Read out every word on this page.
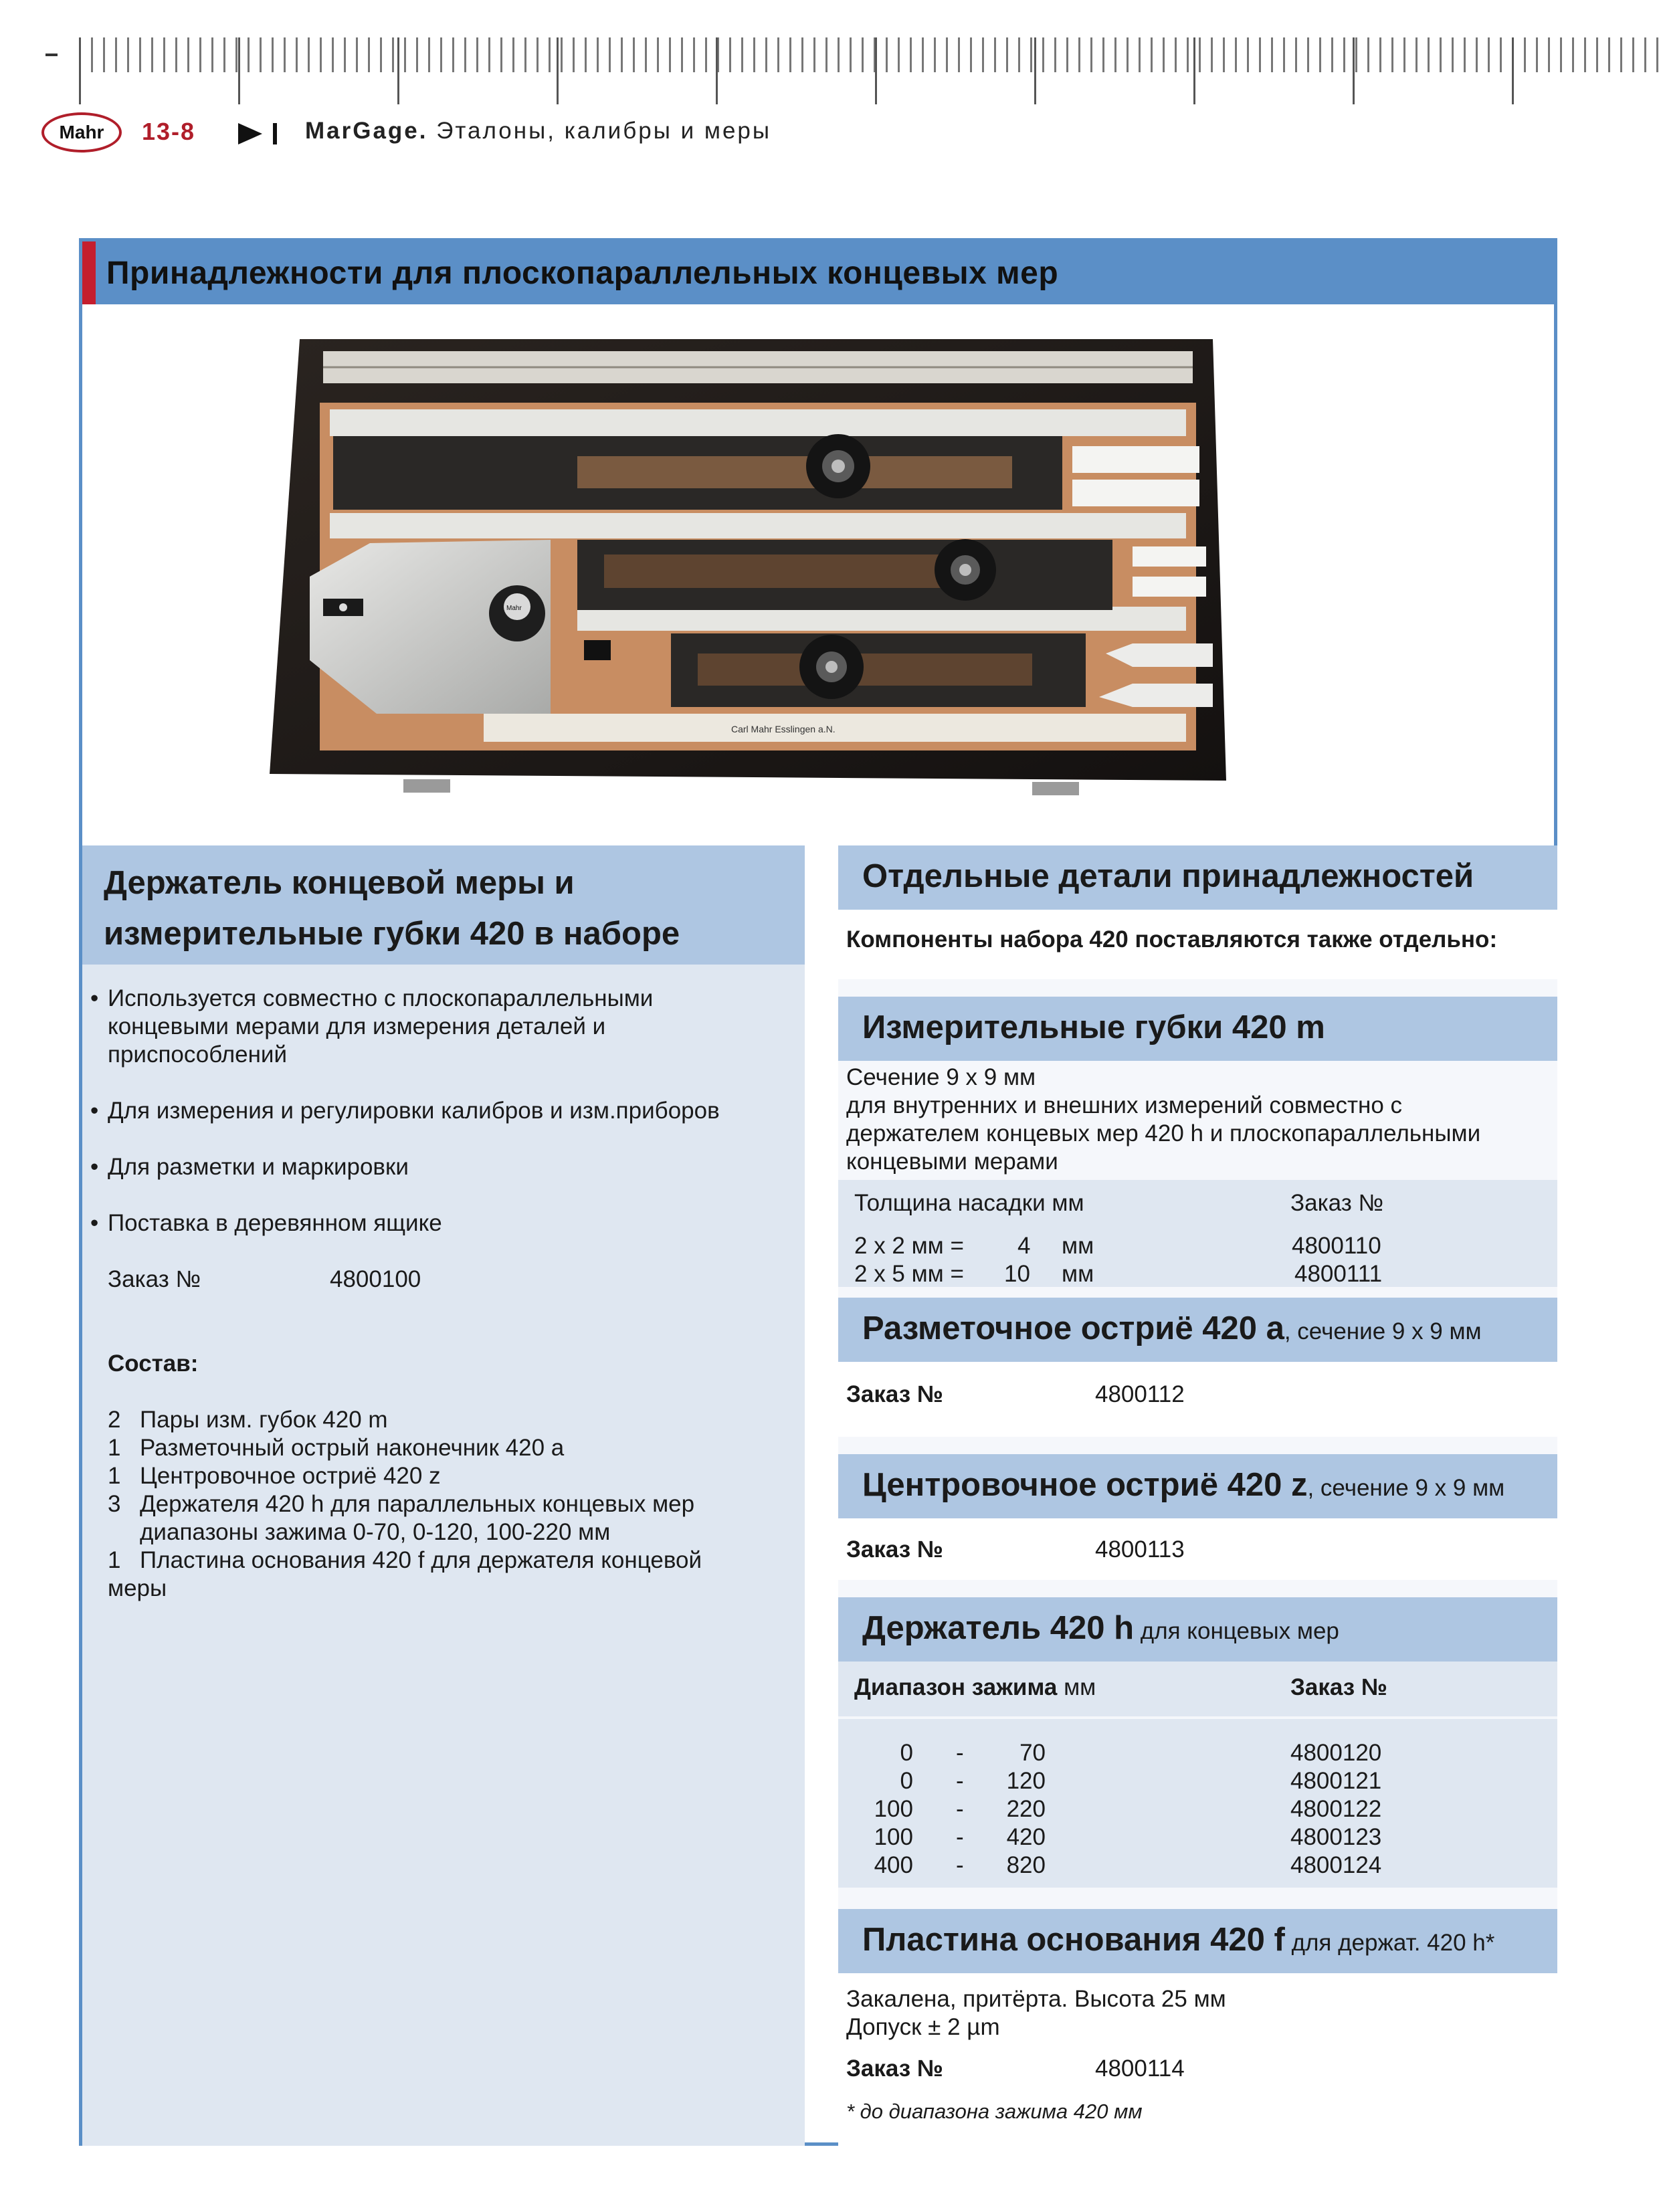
Mahr 13-8	MarGage. Эталоны, калибры и меры
Принадлежности для плоскопараллельных концевых мер
Carl Mahr Esslingen a.N.
Mahr
Держатель концевой меры и
измерительные губки 420 в наборе
• Используется совместно с плоскопараллельными
концевыми мерами для измерения деталей и
приспособлений
• Для измерения и регулировки калибров и изм.приборов
• Для разметки и маркировки
• Поставка в деревянном ящике
Заказ №	4800100
Состав:
2 Пары изм. губок 420 m
1 Разметочный острый наконечник 420 a
1 Центровочное остриё 420 z
3 Держателя 420 h для параллельных концевых мер
диапазоны зажима 0-70, 0-120, 100-220 мм
1 Пластина основания 420 f для держателя концевой
меры
Отдельные детали принадлежностей
Компоненты набора 420 поставляются также отдельно:
Измерительные губки 420 m
Сечение 9 x 9 мм
для внутренних и внешних измерений совместно с
держателем концевых мер 420 h и плоскопараллельными
концевыми мерами
Толщина насадки мм	Заказ №
2 x 2 мм = 4 мм	4800110
2 x 5 мм = 10 мм	4800111
Разметочное остриё 420 a, сечение 9 x 9 мм
Заказ №	4800112
Центровочное остриё 420 z, сечение 9 x 9 мм
Заказ №	4800113
Держатель 420 h для концевых мер
Диапазон зажима мм	Заказ №
0 -	70	4800120
0 -	120	4800121
100 -	220	4800122
100 -	420	4800123
400 -	820	4800124
Пластина основания 420 f для держат. 420 h*
Закалена, притёрта. Высота 25 мм
Допуск ± 2 µm
Заказ №	4800114
* до диапазона зажима 420 мм
